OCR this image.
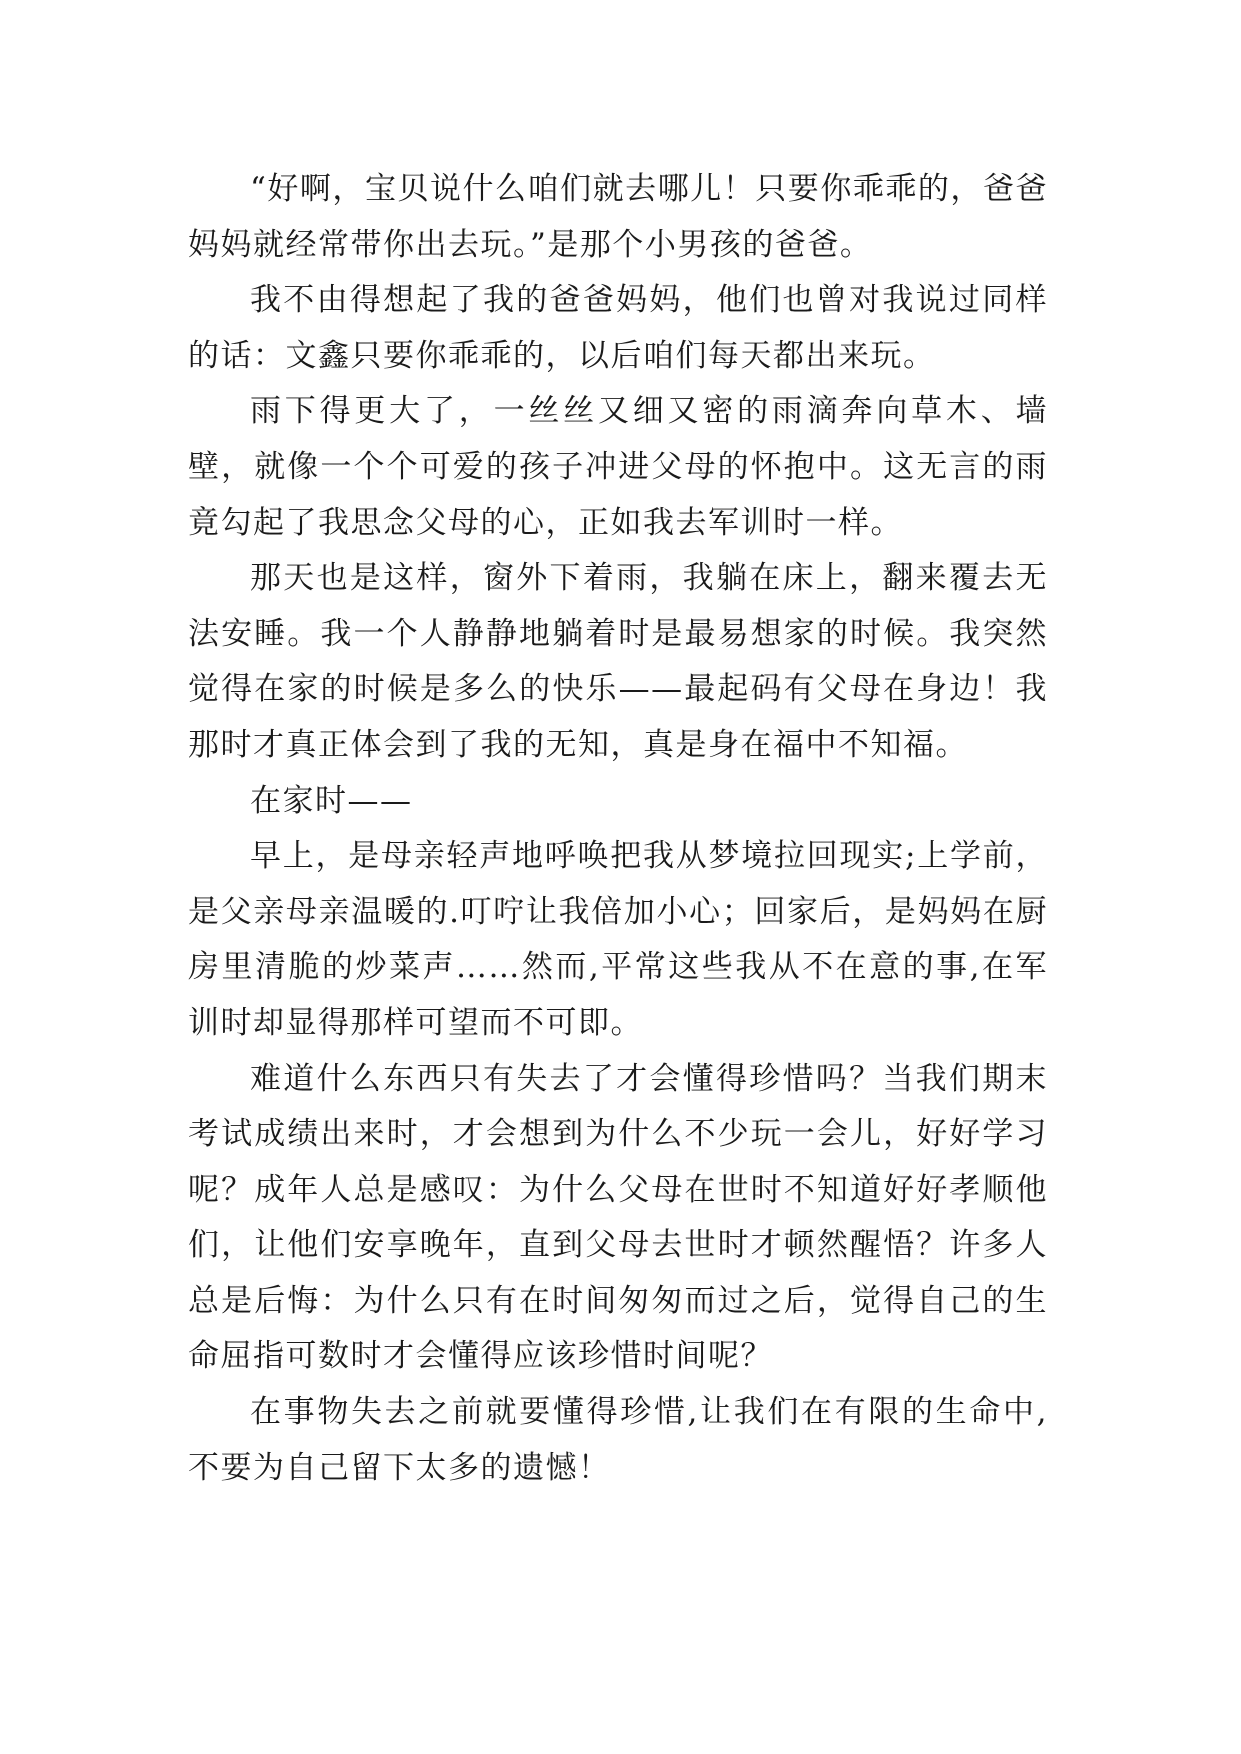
“好啊，宝贝说什么咱们就去哪儿！只要你乖乖的，爸爸妈妈就经常带你出去玩。”是那个小男孩的爸爸。

我不由得想起了我的爸爸妈妈，他们也曾对我说过同样的话：文鑫只要你乖乖的，以后咱们每天都出来玩。

雨下得更大了，一丝丝又细又密的雨滴奔向草木、墙壁，就像一个个可爱的孩子冲进父母的怀抱中。这无言的雨竟勾起了我思念父母的心，正如我去军训时一样。

那天也是这样，窗外下着雨，我躺在床上，翻来覆去无法安睡。我一个人静静地躺着时是最易想家的时候。我突然觉得在家的时候是多么的快乐——最起码有父母在身边！我那时才真正体会到了我的无知，真是身在福中不知福。

在家时——

早上，是母亲轻声地呼唤把我从梦境拉回现实;上学前，是父亲母亲温暖的.叮咛让我倍加小心；回家后，是妈妈在厨房里清脆的炒菜声……然而,平常这些我从不在意的事,在军训时却显得那样可望而不可即。

难道什么东西只有失去了才会懂得珍惜吗？当我们期末考试成绩出来时，才会想到为什么不少玩一会儿，好好学习呢？成年人总是感叹：为什么父母在世时不知道好好孝顺他们，让他们安享晚年，直到父母去世时才顿然醒悟？许多人总是后悔：为什么只有在时间匆匆而过之后，觉得自己的生命屈指可数时才会懂得应该珍惜时间呢？

在事物失去之前就要懂得珍惜,让我们在有限的生命中,不要为自己留下太多的遗憾！
